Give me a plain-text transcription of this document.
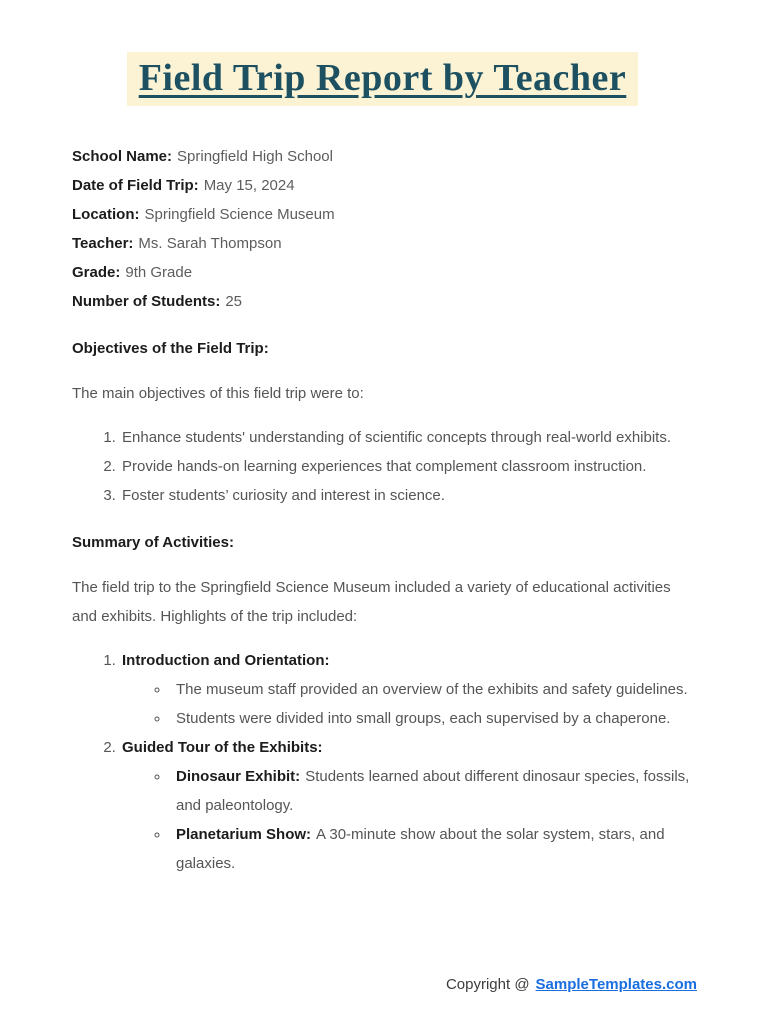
Field Trip Report by Teacher
School Name: Springfield High School
Date of Field Trip: May 15, 2024
Location: Springfield Science Museum
Teacher: Ms. Sarah Thompson
Grade: 9th Grade
Number of Students: 25
Objectives of the Field Trip:
The main objectives of this field trip were to:
1. Enhance students' understanding of scientific concepts through real-world exhibits.
2. Provide hands-on learning experiences that complement classroom instruction.
3. Foster students’ curiosity and interest in science.
Summary of Activities:
The field trip to the Springfield Science Museum included a variety of educational activities and exhibits. Highlights of the trip included:
1. Introduction and Orientation:
◦ The museum staff provided an overview of the exhibits and safety guidelines.
◦ Students were divided into small groups, each supervised by a chaperone.
2. Guided Tour of the Exhibits:
◦ Dinosaur Exhibit: Students learned about different dinosaur species, fossils, and paleontology.
◦ Planetarium Show: A 30-minute show about the solar system, stars, and galaxies.
Copyright @ SampleTemplates.com
